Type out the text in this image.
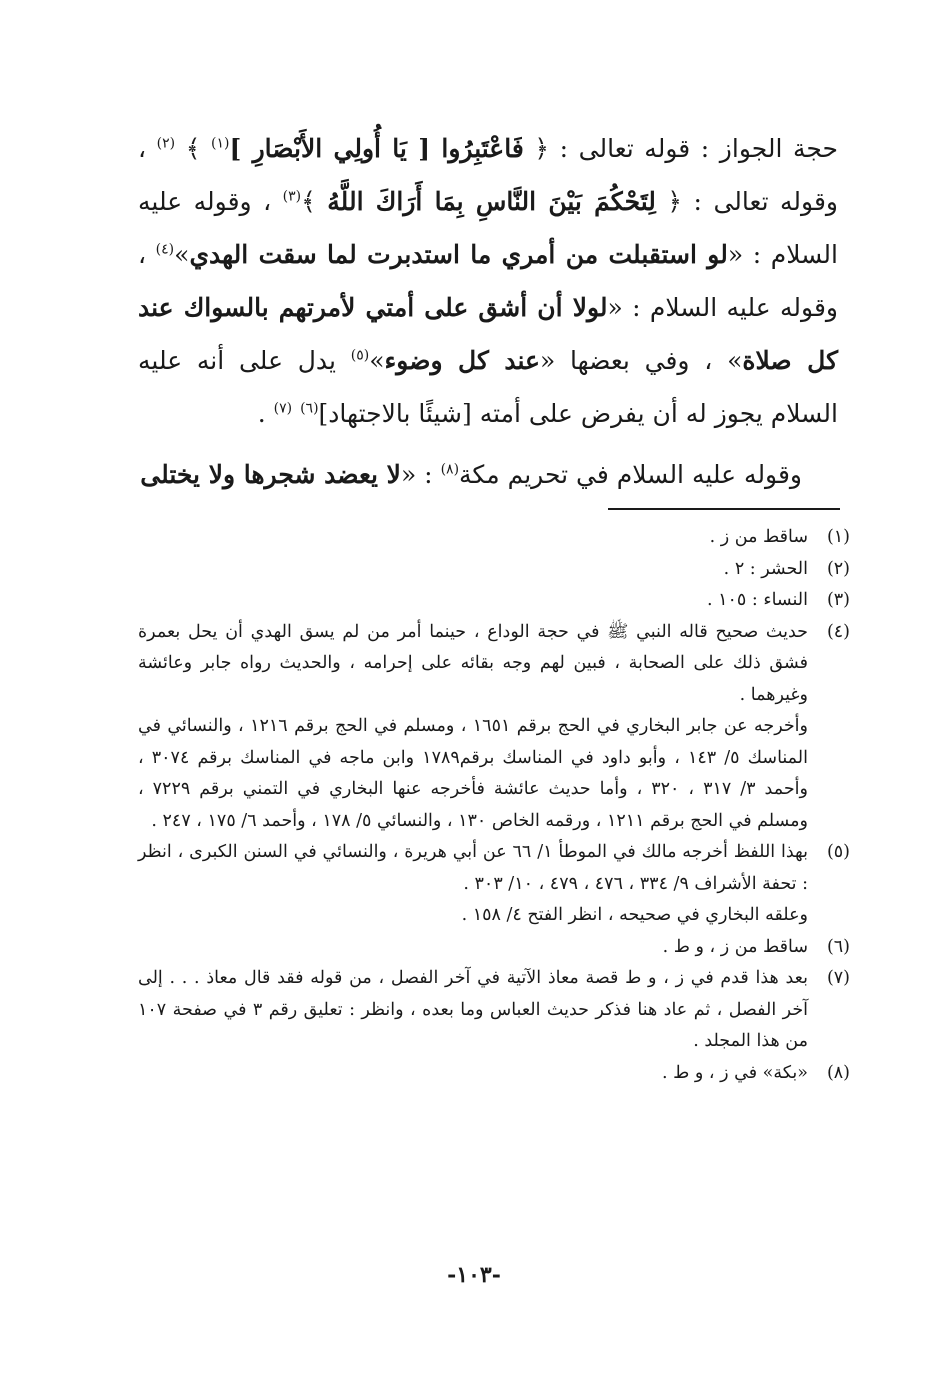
حجة الجواز : قوله تعالى : ﴿ فَاعْتَبِرُوا [ يَا أُولِي الأَبْصَارِ ]$^{(١)}$ ﴾ $^{(٢)}$ ، وقوله تعالى : ﴿ لِتَحْكُمَ بَيْنَ النَّاسِ بِمَا أَرَاكَ اللَّهُ ﴾$^{(٣)}$ ، وقوله عليه السلام : «لو استقبلت من أمري ما استدبرت لما سقت الهدي»$^{(٤)}$ ، وقوله عليه السلام : «لولا أن أشق على أمتي لأمرتهم بالسواك عند كل صلاة» ، وفي بعضها «عند كل وضوء»$^{(٥)}$ يدل على أنه عليه السلام يجوز له أن يفرض على أمته [شيئًا بالاجتهاد]$^{(٦)}$ $^{(٧)}$ .

وقوله عليه السلام في تحريم مكة$^{(٨)}$ : «لا يعضد شجرها ولا يختلى

(١)
ساقط من ز .
(٢)
الحشر : ٢ .
(٣)
النساء : ١٠٥ .
(٤)
حديث صحيح قاله النبي ﷺ في حجة الوداع ، حينما أمر من لم يسق الهدي أن يحل بعمرة فشق ذلك على الصحابة ، فبين لهم وجه بقائه على إحرامه ، والحديث رواه جابر وعائشة وغيرهما .
وأخرجه عن جابر البخاري في الحج برقم ١٦٥١ ، ومسلم في الحج برقم ١٢١٦ ، والنسائي في المناسك ٥/ ١٤٣ ، وأبو داود في المناسك برقم١٧٨٩ وابن ماجه في المناسك برقم ٣٠٧٤ ، وأحمد ٣/ ٣١٧ ، ٣٢٠ ، وأما حديث عائشة فأخرجه عنها البخاري في التمني برقم ٧٢٢٩ ، ومسلم في الحج برقم ١٢١١ ، ورقمه الخاص ١٣٠ ، والنسائي ٥/ ١٧٨ ، وأحمد ٦/ ١٧٥ ، ٢٤٧ .
(٥)
بهذا اللفظ أخرجه مالك في الموطأ ١/ ٦٦ عن أبي هريرة ، والنسائي في السنن الكبرى ، انظر : تحفة الأشراف ٩/ ٣٣٤ ، ٤٧٦ ، ٤٧٩ ، ١٠/ ٣٠٣ .
وعلقه البخاري في صحيحه ، انظر الفتح ٤/ ١٥٨ .
(٦)
ساقط من ز ، و ط .
(٧)
بعد هذا قدم في ز ، و ط قصة معاذ الآتية في آخر الفصل ، من قوله فقد قال معاذ . . . إلى آخر الفصل ، ثم عاد هنا فذكر حديث العباس وما بعده ، وانظر : تعليق رقم ٣ في صفحة ١٠٧ من هذا المجلد .
(٨)
«بكة» في ز ، و ط .
-١٠٣-
